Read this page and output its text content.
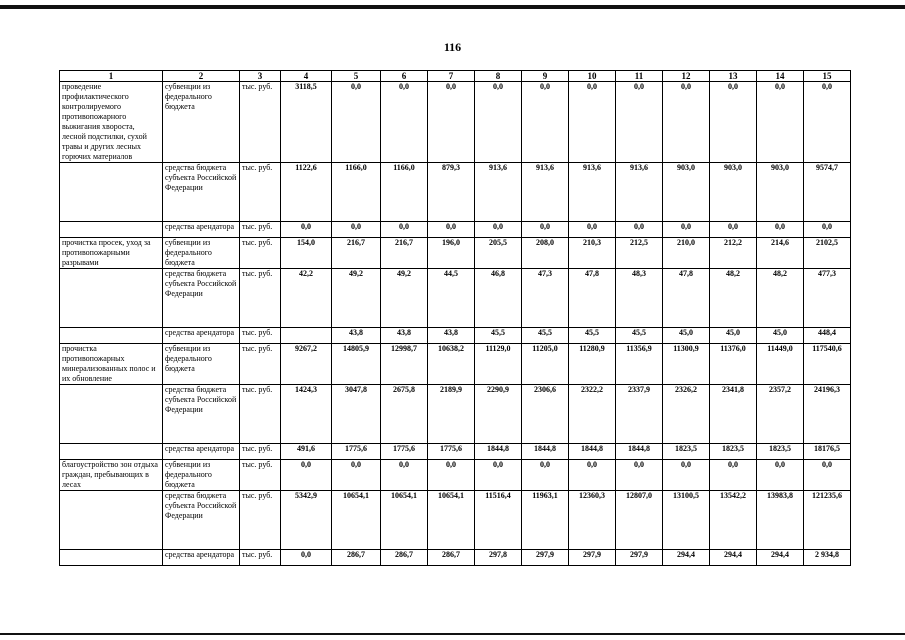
116
1	2	3	4	5	6	7	8	9	10	11	12	13	14	15
проведение профилактического контролируемого противопожарного выжигания хвороста, лесной подстилки, сухой травы и других лесных горючих материалов	субвенции из федерального бюджета	тыс. руб.	3118,5	0,0	0,0	0,0	0,0	0,0	0,0	0,0	0,0	0,0	0,0	0,0
	средства бюджета субъекта Российской Федерации	тыс. руб.	1122,6	1166,0	1166,0	879,3	913,6	913,6	913,6	913,6	903,0	903,0	903,0	9574,7
	средства арендатора	тыс. руб.	0,0	0,0	0,0	0,0	0,0	0,0	0,0	0,0	0,0	0,0	0,0	0,0
прочистка просек, уход за противопожарными разрывами	субвенции из федерального бюджета	тыс. руб.	154,0	216,7	216,7	196,0	205,5	208,0	210,3	212,5	210,0	212,2	214,6	2102,5
	средства бюджета субъекта Российской Федерации	тыс. руб.	42,2	49,2	49,2	44,5	46,8	47,3	47,8	48,3	47,8	48,2	48,2	477,3
	средства арендатора	тыс. руб.		43,8	43,8	43,8	45,5	45,5	45,5	45,5	45,0	45,0	45,0	448,4
прочистка противопожарных минерализованных полос и их обновление	субвенции из федерального бюджета	тыс. руб.	9267,2	14805,9	12998,7	10638,2	11129,0	11205,0	11280,9	11356,9	11300,9	11376,0	11449,0	117540,6
	средства бюджета субъекта Российской Федерации	тыс. руб.	1424,3	3047,8	2675,8	2189,9	2290,9	2306,6	2322,2	2337,9	2326,2	2341,8	2357,2	24196,3
	средства арендатора	тыс. руб.	491,6	1775,6	1775,6	1775,6	1844,8	1844,8	1844,8	1844,8	1823,5	1823,5	1823,5	18176,5
благоустройство зон отдыха граждан, пребывающих в лесах	субвенции из федерального бюджета	тыс. руб.	0,0	0,0	0,0	0,0	0,0	0,0	0,0	0,0	0,0	0,0	0,0	0,0
	средства бюджета субъекта Российской Федерации	тыс. руб.	5342,9	10654,1	10654,1	10654,1	11516,4	11963,1	12360,3	12807,0	13100,5	13542,2	13983,8	121235,6
	средства арендатора	тыс. руб.	0,0	286,7	286,7	286,7	297,8	297,9	297,9	297,9	294,4	294,4	294,4	2 934,8
